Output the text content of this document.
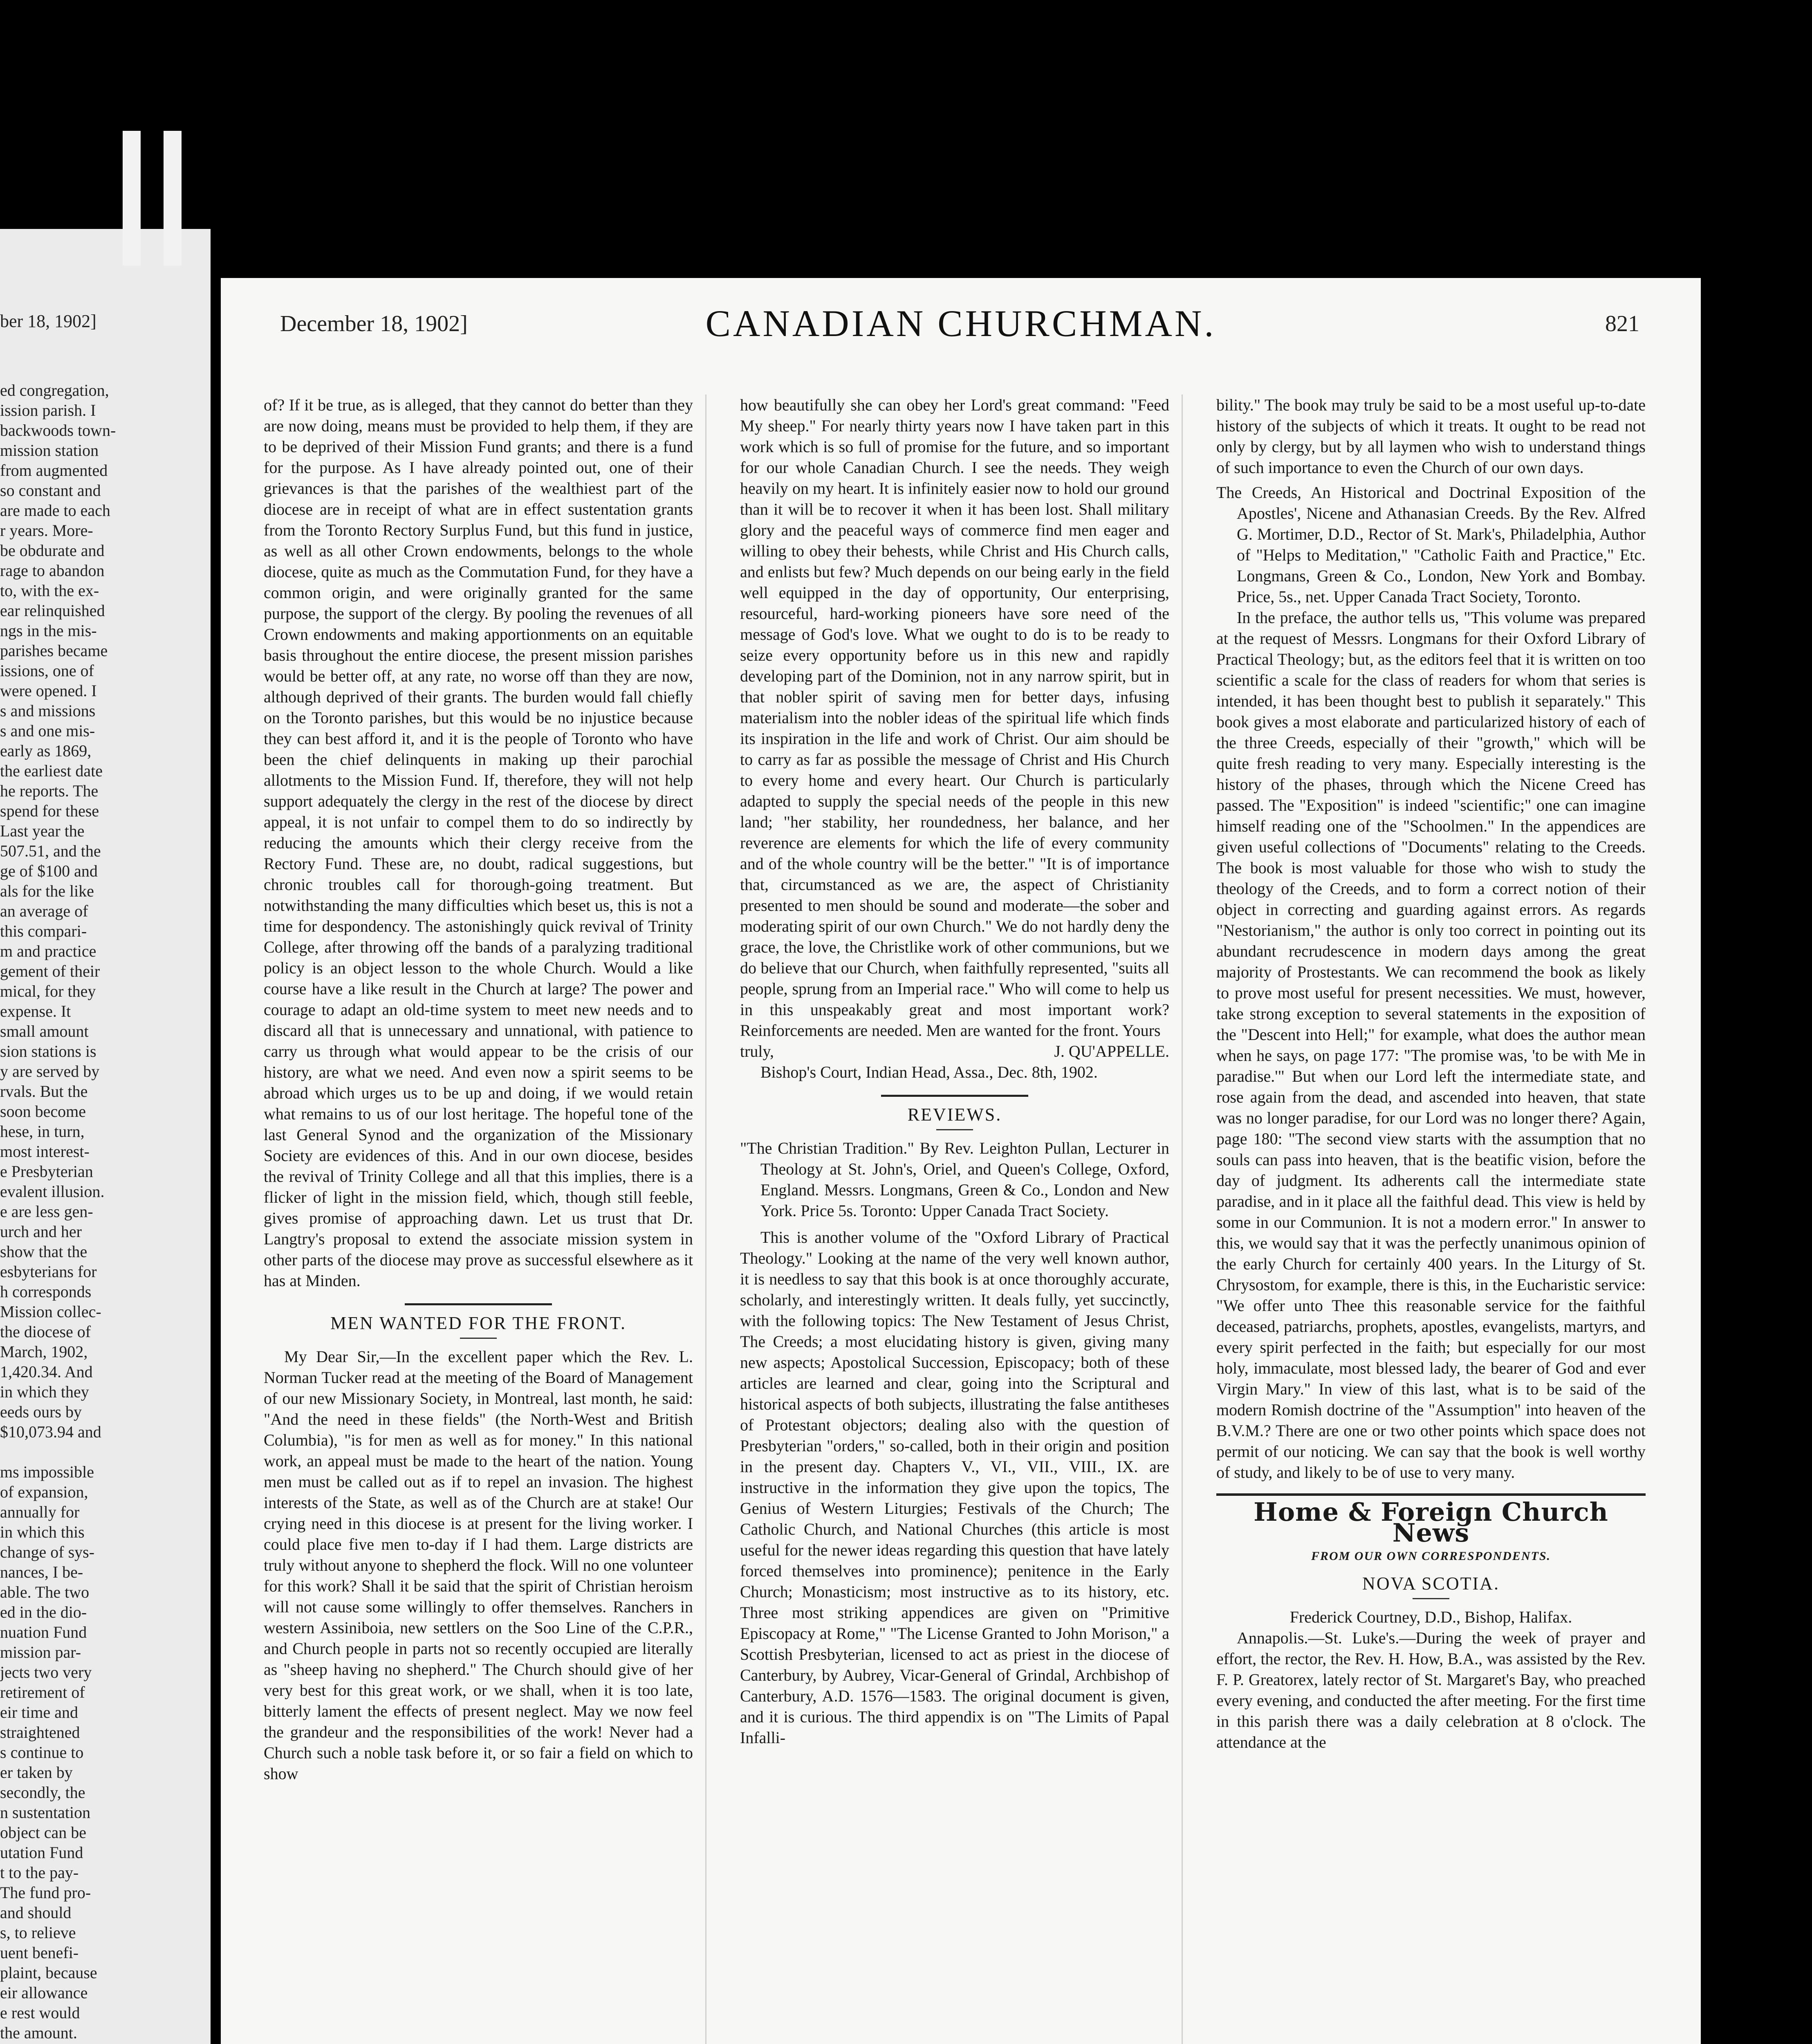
ber 18, 1902]
ed congregation,
ission parish. I
backwoods town-
mission station
from augmented
so constant and
are made to each
r years. More-
be obdurate and
rage to abandon
to, with the ex-
ear relinquished
ngs in the mis-
parishes became
issions, one of
were opened. I
s and missions
s and one mis-
early as 1869,
the earliest date
he reports. The
spend for these
Last year the
507.51, and the
ge of $100 and
als for the like
an average of
this compari-
m and practice
gement of their
mical, for they
expense. It
small amount
sion stations is
y are served by
rvals. But the
soon become
hese, in turn,
most interest-
e Presbyterian
evalent illusion.
e are less gen-
urch and her
show that the
esbyterians for
h corresponds
Mission collec-
the diocese of
March, 1902,
1,420.34. And
in which they
eeds ours by
$10,073.94 and
ms impossible
of expansion,
annually for
in which this
change of sys-
nances, I be-
able. The two
ed in the dio-
nuation Fund
mission par-
jects two very
retirement of
eir time and
straightened
s continue to
er taken by
secondly, the
n sustentation
object can be
utation Fund
t to the pay-
The fund pro-
and should
s, to relieve
uent benefi-
plaint, because
eir allowance
e rest would
the amount.
December 18, 1902]	CANADIAN CHURCHMAN.	821

of? If it be true, as is alleged, that they cannot do better than they are now doing, means must be provided to help them, if they are to be deprived of their Mission Fund grants; and there is a fund for the purpose. As I have already pointed out, one of their grievances is that the parishes of the wealthiest part of the diocese are in receipt of what are in effect sustentation grants from the Toronto Rectory Surplus Fund, but this fund in justice, as well as all other Crown endowments, belongs to the whole diocese, quite as much as the Commutation Fund, for they have a common origin, and were originally granted for the same purpose, the support of the clergy. By pooling the revenues of all Crown endowments and making apportionments on an equitable basis throughout the entire diocese, the present mission parishes would be better off, at any rate, no worse off than they are now, although deprived of their grants. The burden would fall chiefly on the Toronto parishes, but this would be no injustice because they can best afford it, and it is the people of Toronto who have been the chief delinquents in making up their parochial allotments to the Mission Fund. If, therefore, they will not help support adequately the clergy in the rest of the diocese by direct appeal, it is not unfair to compel them to do so indirectly by reducing the amounts which their clergy receive from the Rectory Fund. These are, no doubt, radical suggestions, but chronic troubles call for thorough-going treatment. But notwithstanding the many difficulties which beset us, this is not a time for despondency. The astonishingly quick revival of Trinity College, after throwing off the bands of a paralyzing traditional policy is an object lesson to the whole Church. Would a like course have a like result in the Church at large? The power and courage to adapt an old-time system to meet new needs and to discard all that is unnecessary and unnational, with patience to carry us through what would appear to be the crisis of our history, are what we need. And even now a spirit seems to be abroad which urges us to be up and doing, if we would retain what remains to us of our lost heritage. The hopeful tone of the last General Synod and the organization of the Missionary Society are evidences of this. And in our own diocese, besides the revival of Trinity College and all that this implies, there is a flicker of light in the mission field, which, though still feeble, gives promise of approaching dawn. Let us trust that Dr. Langtry's proposal to extend the associate mission system in other parts of the diocese may prove as successful elsewhere as it has at Minden.

MEN WANTED FOR THE FRONT.

My Dear Sir,—In the excellent paper which the Rev. L. Norman Tucker read at the meeting of the Board of Management of our new Missionary Society, in Montreal, last month, he said: "And the need in these fields" (the North-West and British Columbia), "is for men as well as for money." In this national work, an appeal must be made to the heart of the nation. Young men must be called out as if to repel an invasion. The highest interests of the State, as well as of the Church are at stake! Our crying need in this diocese is at present for the living worker. I could place five men to-day if I had them. Large districts are truly without anyone to shepherd the flock. Will no one volunteer for this work? Shall it be said that the spirit of Christian heroism will not cause some willingly to offer themselves. Ranchers in western Assiniboia, new settlers on the Soo Line of the C.P.R., and Church people in parts not so recently occupied are literally as "sheep having no shepherd." The Church should give of her very best for this great work, or we shall, when it is too late, bitterly lament the effects of present neglect. May we now feel the grandeur and the responsibilities of the work! Never had a Church such a noble task before it, or so fair a field on which to show

how beautifully she can obey her Lord's great command: "Feed My sheep." For nearly thirty years now I have taken part in this work which is so full of promise for the future, and so important for our whole Canadian Church. I see the needs. They weigh heavily on my heart. It is infinitely easier now to hold our ground than it will be to recover it when it has been lost. Shall military glory and the peaceful ways of commerce find men eager and willing to obey their behests, while Christ and His Church calls, and enlists but few? Much depends on our being early in the field well equipped in the day of opportunity, Our enterprising, resourceful, hard-working pioneers have sore need of the message of God's love. What we ought to do is to be ready to seize every opportunity before us in this new and rapidly developing part of the Dominion, not in any narrow spirit, but in that nobler spirit of saving men for better days, infusing materialism into the nobler ideas of the spiritual life which finds its inspiration in the life and work of Christ. Our aim should be to carry as far as possible the message of Christ and His Church to every home and every heart. Our Church is particularly adapted to supply the special needs of the people in this new land; "her stability, her roundedness, her balance, and her reverence are elements for which the life of every community and of the whole country will be the better." "It is of importance that, circumstanced as we are, the aspect of Christianity presented to men should be sound and moderate—the sober and moderating spirit of our own Church." We do not hardly deny the grace, the love, the Christlike work of other communions, but we do believe that our Church, when faithfully represented, "suits all people, sprung from an Imperial race." Who will come to help us in this unspeakably great and most important work? Reinforcements are needed. Men are wanted for the front. Yours

truly,	J. QU'APPELLE.

Bishop's Court, Indian Head, Assa., Dec. 8th, 1902.

REVIEWS.

"The Christian Tradition." By Rev. Leighton Pullan, Lecturer in Theology at St. John's, Oriel, and Queen's College, Oxford, England. Messrs. Longmans, Green & Co., London and New York. Price 5s. Toronto: Upper Canada Tract Society.

This is another volume of the "Oxford Library of Practical Theology." Looking at the name of the very well known author, it is needless to say that this book is at once thoroughly accurate, scholarly, and interestingly written. It deals fully, yet succinctly, with the following topics: The New Testament of Jesus Christ, The Creeds; a most elucidating history is given, giving many new aspects; Apostolical Succession, Episcopacy; both of these articles are learned and clear, going into the Scriptural and historical aspects of both subjects, illustrating the false antitheses of Protestant objectors; dealing also with the question of Presbyterian "orders," so-called, both in their origin and position in the present day. Chapters V., VI., VII., VIII., IX. are instructive in the information they give upon the topics, The Genius of Western Liturgies; Festivals of the Church; The Catholic Church, and National Churches (this article is most useful for the newer ideas regarding this question that have lately forced themselves into prominence); penitence in the Early Church; Monasticism; most instructive as to its history, etc. Three most striking appendices are given on "Primitive Episcopacy at Rome," "The License Granted to John Morison," a Scottish Presbyterian, licensed to act as priest in the diocese of Canterbury, by Aubrey, Vicar-General of Grindal, Archbishop of Canterbury, A.D. 1576—1583. The original document is given, and it is curious. The third appendix is on "The Limits of Papal Infalli-

bility." The book may truly be said to be a most useful up-to-date history of the subjects of which it treats. It ought to be read not only by clergy, but by all laymen who wish to understand things of such importance to even the Church of our own days.

The Creeds, An Historical and Doctrinal Exposition of the Apostles', Nicene and Athanasian Creeds. By the Rev. Alfred G. Mortimer, D.D., Rector of St. Mark's, Philadelphia, Author of "Helps to Meditation," "Catholic Faith and Practice," Etc. Longmans, Green & Co., London, New York and Bombay. Price, 5s., net. Upper Canada Tract Society, Toronto.

In the preface, the author tells us, "This volume was prepared at the request of Messrs. Longmans for their Oxford Library of Practical Theology; but, as the editors feel that it is written on too scientific a scale for the class of readers for whom that series is intended, it has been thought best to publish it separately." This book gives a most elaborate and particularized history of each of the three Creeds, especially of their "growth," which will be quite fresh reading to very many. Especially interesting is the history of the phases, through which the Nicene Creed has passed. The "Exposition" is indeed "scientific;" one can imagine himself reading one of the "Schoolmen." In the appendices are given useful collections of "Documents" relating to the Creeds. The book is most valuable for those who wish to study the theology of the Creeds, and to form a correct notion of their object in correcting and guarding against errors. As regards "Nestorianism," the author is only too correct in pointing out its abundant recrudescence in modern days among the great majority of Prostestants. We can recommend the book as likely to prove most useful for present necessities. We must, however, take strong exception to several statements in the exposition of the "Descent into Hell;" for example, what does the author mean when he says, on page 177: "The promise was, 'to be with Me in paradise.'" But when our Lord left the intermediate state, and rose again from the dead, and ascended into heaven, that state was no longer paradise, for our Lord was no longer there? Again, page 180: "The second view starts with the assumption that no souls can pass into heaven, that is the beatific vision, before the day of judgment. Its adherents call the intermediate state paradise, and in it place all the faithful dead. This view is held by some in our Communion. It is not a modern error." In answer to this, we would say that it was the perfectly unanimous opinion of the early Church for certainly 400 years. In the Liturgy of St. Chrysostom, for example, there is this, in the Eucharistic service: "We offer unto Thee this reasonable service for the faithful deceased, patriarchs, prophets, apostles, evangelists, martyrs, and every spirit perfected in the faith; but especially for our most holy, immaculate, most blessed lady, the bearer of God and ever Virgin Mary." In view of this last, what is to be said of the modern Romish doctrine of the "Assumption" into heaven of the B.V.M.? There are one or two other points which space does not permit of our noticing. We can say that the book is well worthy of study, and likely to be of use to very many.

Home & Foreign Church News
FROM OUR OWN CORRESPONDENTS.
NOVA SCOTIA.

Frederick Courtney, D.D., Bishop, Halifax.

Annapolis.—St. Luke's.—During the week of prayer and effort, the rector, the Rev. H. How, B.A., was assisted by the Rev. F. P. Greatorex, lately rector of St. Margaret's Bay, who preached every evening, and conducted the after meeting. For the first time in this parish there was a daily celebration at 8 o'clock. The attendance at the
